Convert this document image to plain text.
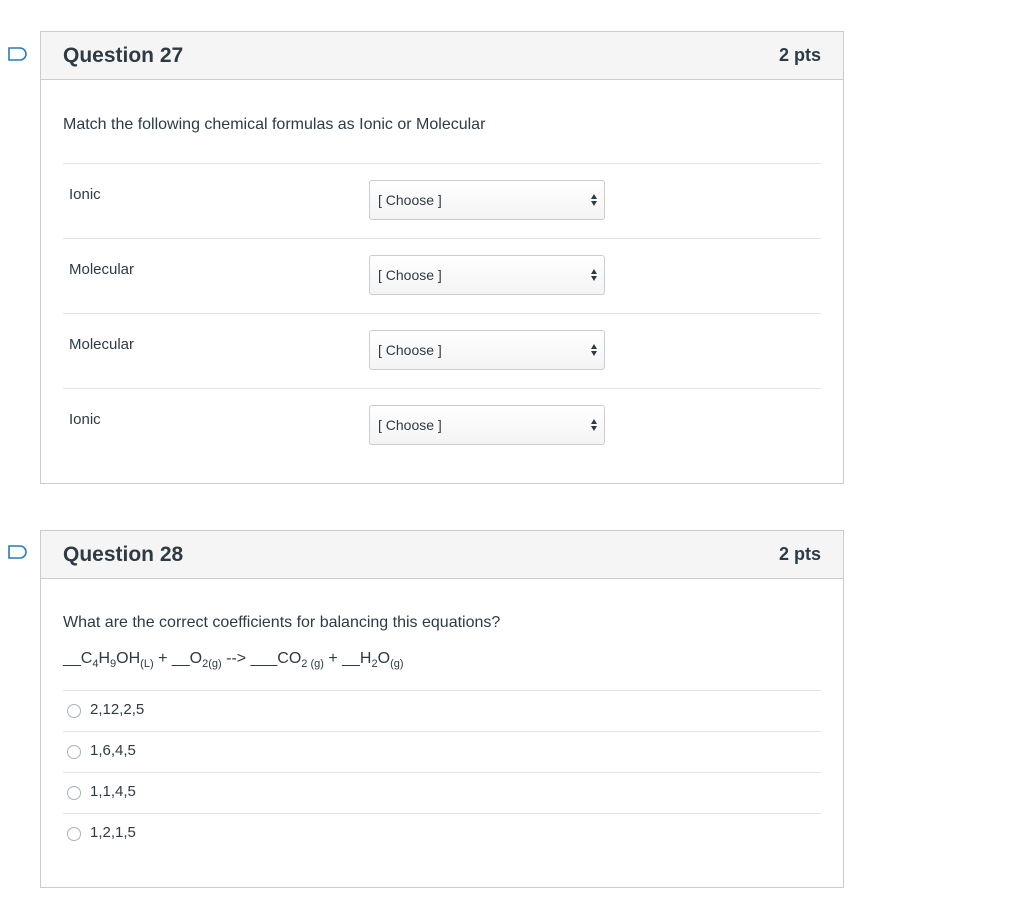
Question 27	2 pts
Match the following chemical formulas as Ionic or Molecular
Ionic	[ Choose ]
Molecular	[ Choose ]
Molecular	[ Choose ]
Ionic	[ Choose ]
Question 28	2 pts
What are the correct coefficients for balancing this equations?
$\_\_C_4H_9OH_{(L)}$ + $\_\_O_{2(g)}$ --> $\_\_\_CO_{2 (g)}$ + $\_\_H_2O_{(g)}$
2,12,2,5
1,6,4,5
1,1,4,5
1,2,1,5
